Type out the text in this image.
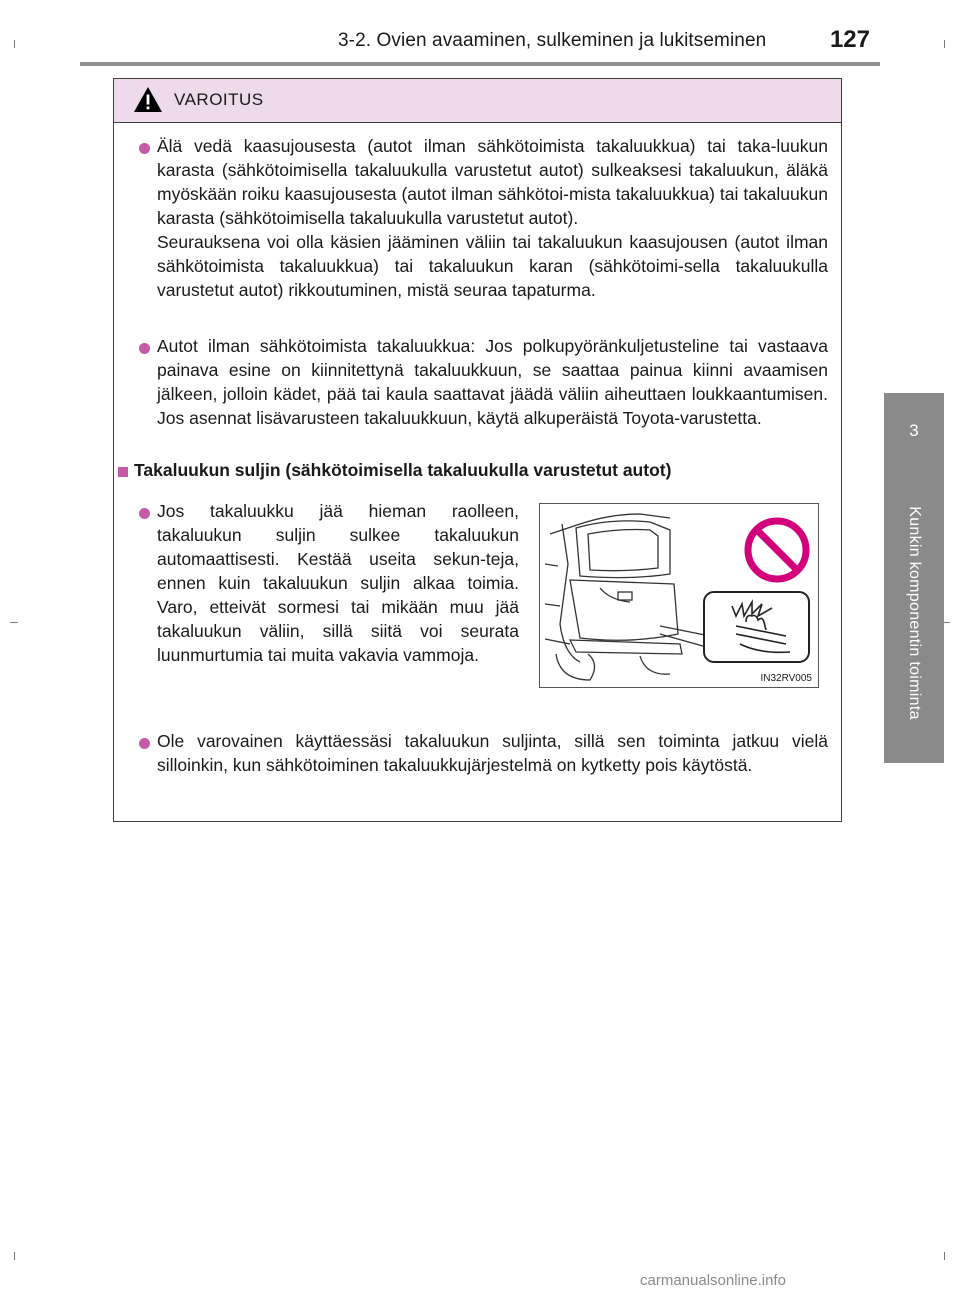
3-2. Ovien avaaminen, sulkeminen ja lukitseminen	127
3
Kunkin komponentin toiminta
VAROITUS

Älä vedä kaasujousesta (autot ilman sähkötoimista takaluukkua) tai taka-luukun karasta (sähkötoimisella takaluukulla varustetut autot) sulkeaksesi takaluukun, äläkä myöskään roiku kaasujousesta (autot ilman sähkötoi-mista takaluukkua) tai takaluukun karasta (sähkötoimisella takaluukulla varustetut autot).

Seurauksena voi olla käsien jääminen väliin tai takaluukun kaasujousen (autot ilman sähkötoimista takaluukkua) tai takaluukun karan (sähkötoimi-sella takaluukulla varustetut autot) rikkoutuminen, mistä seuraa tapaturma.

Autot ilman sähkötoimista takaluukkua: Jos polkupyöränkuljetusteline tai vastaava painava esine on kiinnitettynä takaluukkuun, se saattaa painua kiinni avaamisen jälkeen, jolloin kädet, pää tai kaula saattavat jäädä väliin aiheuttaen loukkaantumisen. Jos asennat lisävarusteen takaluukkuun, käytä alkuperäistä Toyota-varustetta.
Takaluukun suljin (sähkötoimisella takaluukulla varustetut autot)
Jos takaluukku jää hieman raolleen, takaluukun suljin sulkee takaluukun automaattisesti. Kestää useita sekun-teja, ennen kuin takaluukun suljin alkaa toimia. Varo, etteivät sormesi tai mikään muu jää takaluukun väliin, sillä siitä voi seurata luunmurtumia tai muita vakavia vammoja.
IN32RV005
Ole varovainen käyttäessäsi takaluukun suljinta, sillä sen toiminta jatkuu vielä silloinkin, kun sähkötoiminen takaluukkujärjestelmä on kytketty pois käytöstä.
carmanualsonline.info
